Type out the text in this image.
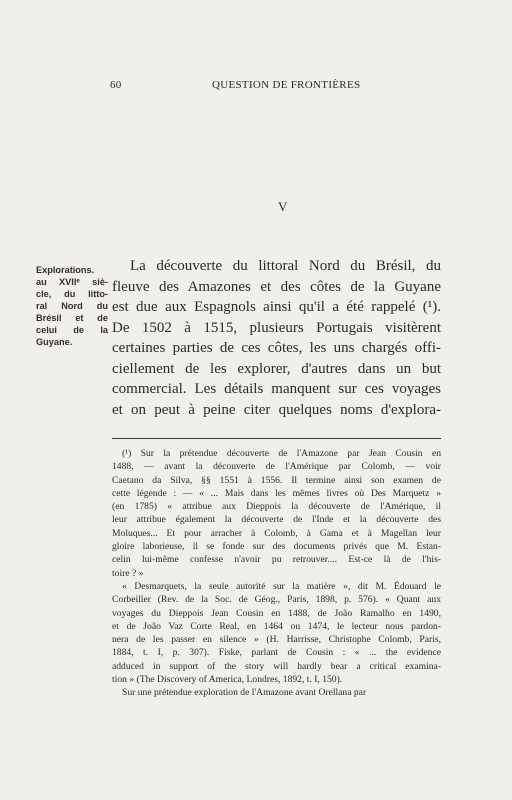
60	QUESTION DE FRONTIÈRES
V
Explorations.
au XVIIᵉ siè-
cle, du litto-
ral Nord du
Brésil et de
celui de la
Guyane.
La découverte du littoral Nord du Brésil, du
fleuve des Amazones et des côtes de la Guyane
est due aux Espagnols ainsi qu'il a été rappelé (¹).
De 1502 à 1515, plusieurs Portugais visitèrent
certaines parties de ces côtes, les uns chargés offi-
ciellement de les explorer, d'autres dans un but
commercial. Les détails manquent sur ces voyages
et on peut à peine citer quelques noms d'explora-
(¹) Sur la prétendue découverte de l'Amazone par Jean Cousin en
1488, — avant la découverte de l'Amérique par Colomb, — voir
Caetano da Silva, §§ 1551 à 1556. Il termine ainsi son examen de
cette légende : — « ... Mais dans les mêmes livres où Des Marquetz »
(en 1785) « attribue aux Dieppois la découverte de l'Amérique, il
leur attribue également la découverte de l'Inde et la découverte des
Moluques... Et pour arracher à Colomb, à Gama et à Magellan leur
gloire laborieuse, il se fonde sur des documents privés que M. Estan-
celin lui-même confesse n'avoir pu retrouver.... Est-ce là de l'his-
toire ? »
« Desmarquets, la seule autorité sur la matière », dit M. Édouard le
Corbeiller (Rev. de la Soc. de Géog., Paris, 1898, p. 576). « Quant aux
voyages du Dieppois Jean Cousin en 1488, de João Ramalho en 1490,
et de João Vaz Corte Real, en 1464 ou 1474, le lecteur nous pardon-
nera de les passer en silence » (H. Harrisse, Christophe Colomb, Paris,
1884, t. I, p. 307). Fiske, parlant de Cousin : « ... the evidence
adduced in support of the story will hardly bear a critical examina-
tion » (The Discovery of America, Londres, 1892, t. I, 150).
Sur une prétendue exploration de l'Amazone avant Orellana par
